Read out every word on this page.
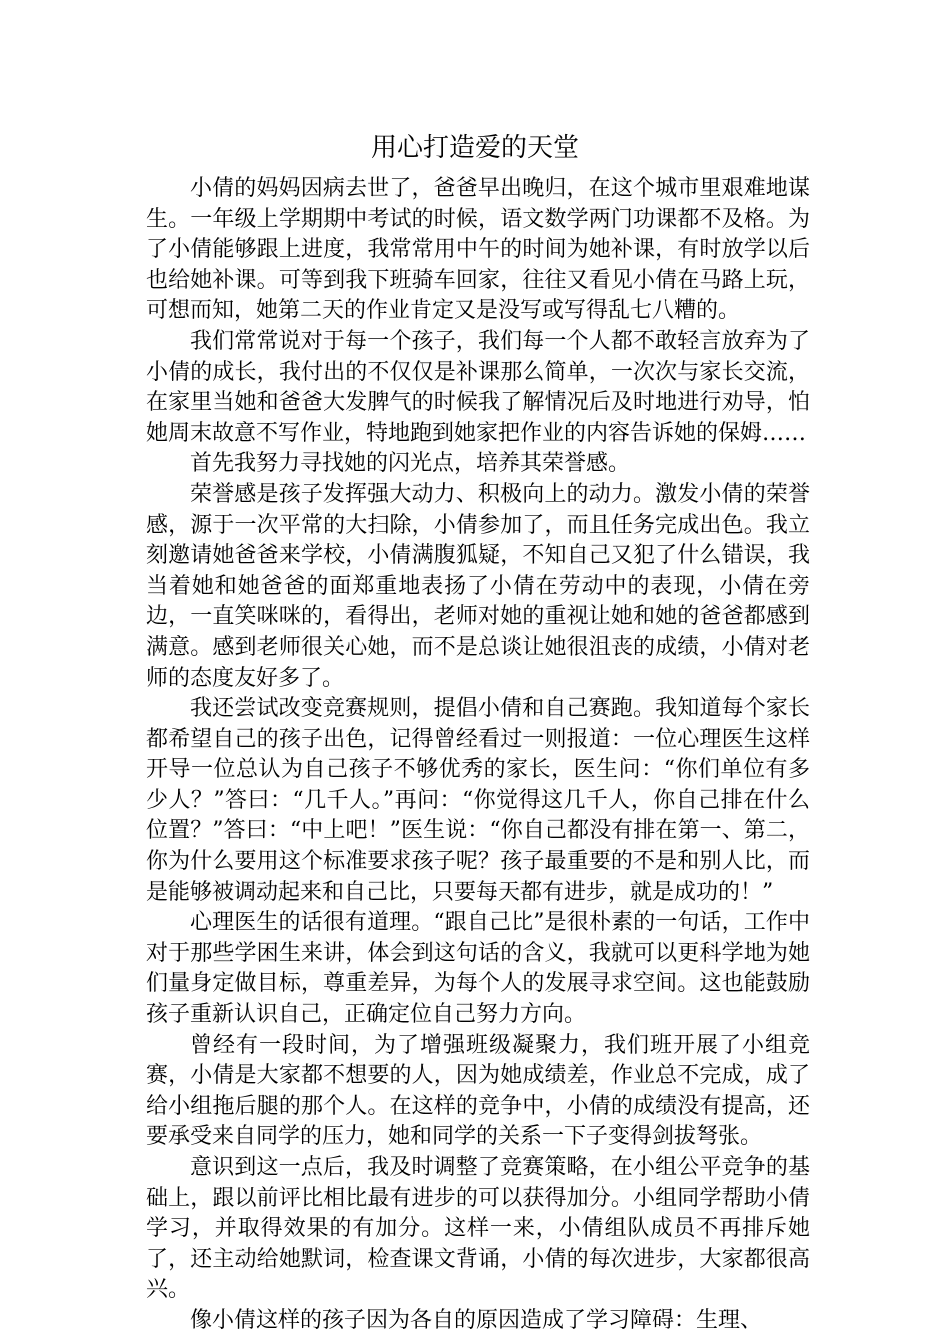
用心打造爱的天堂

小倩的妈妈因病去世了，爸爸早出晚归，在这个城市里艰难地谋生。一年级上学期期中考试的时候，语文数学两门功课都不及格。为了小倩能够跟上进度，我常常用中午的时间为她补课，有时放学以后也给她补课。可等到我下班骑车回家，往往又看见小倩在马路上玩，可想而知，她第二天的作业肯定又是没写或写得乱七八糟的。

我们常常说对于每一个孩子，我们每一个人都不敢轻言放弃为了小倩的成长，我付出的不仅仅是补课那么简单，一次次与家长交流，在家里当她和爸爸大发脾气的时候我了解情况后及时地进行劝导，怕她周末故意不写作业，特地跑到她家把作业的内容告诉她的保姆……

首先我努力寻找她的闪光点，培养其荣誉感。

荣誉感是孩子发挥强大动力、积极向上的动力。激发小倩的荣誉感，源于一次平常的大扫除，小倩参加了，而且任务完成出色。我立刻邀请她爸爸来学校，小倩满腹狐疑，不知自己又犯了什么错误，我当着她和她爸爸的面郑重地表扬了小倩在劳动中的表现，小倩在旁边，一直笑咪咪的，看得出，老师对她的重视让她和她的爸爸都感到满意。感到老师很关心她，而不是总谈让她很沮丧的成绩，小倩对老师的态度友好多了。

我还尝试改变竞赛规则，提倡小倩和自己赛跑。我知道每个家长都希望自己的孩子出色，记得曾经看过一则报道：一位心理医生这样开导一位总认为自己孩子不够优秀的家长，医生问：“你们单位有多少人？”答曰：“几千人。”再问：“你觉得这几千人，你自己排在什么位置？”答曰：“中上吧！”医生说：“你自己都没有排在第一、第二，你为什么要用这个标准要求孩子呢？孩子最重要的不是和别人比，而是能够被调动起来和自己比，只要每天都有进步，就是成功的！”

心理医生的话很有道理。“跟自己比”是很朴素的一句话，工作中对于那些学困生来讲，体会到这句话的含义，我就可以更科学地为她们量身定做目标，尊重差异，为每个人的发展寻求空间。这也能鼓励孩子重新认识自己，正确定位自己努力方向。

曾经有一段时间，为了增强班级凝聚力，我们班开展了小组竞赛，小倩是大家都不想要的人，因为她成绩差，作业总不完成，成了给小组拖后腿的那个人。在这样的竞争中，小倩的成绩没有提高，还要承受来自同学的压力，她和同学的关系一下子变得剑拔弩张。

意识到这一点后，我及时调整了竞赛策略，在小组公平竞争的基础上，跟以前评比相比最有进步的可以获得加分。小组同学帮助小倩学习，并取得效果的有加分。这样一来，小倩组队成员不再排斥她了，还主动给她默词，检查课文背诵，小倩的每次进步，大家都很高兴。

像小倩这样的孩子因为各自的原因造成了学习障碍：生理、
